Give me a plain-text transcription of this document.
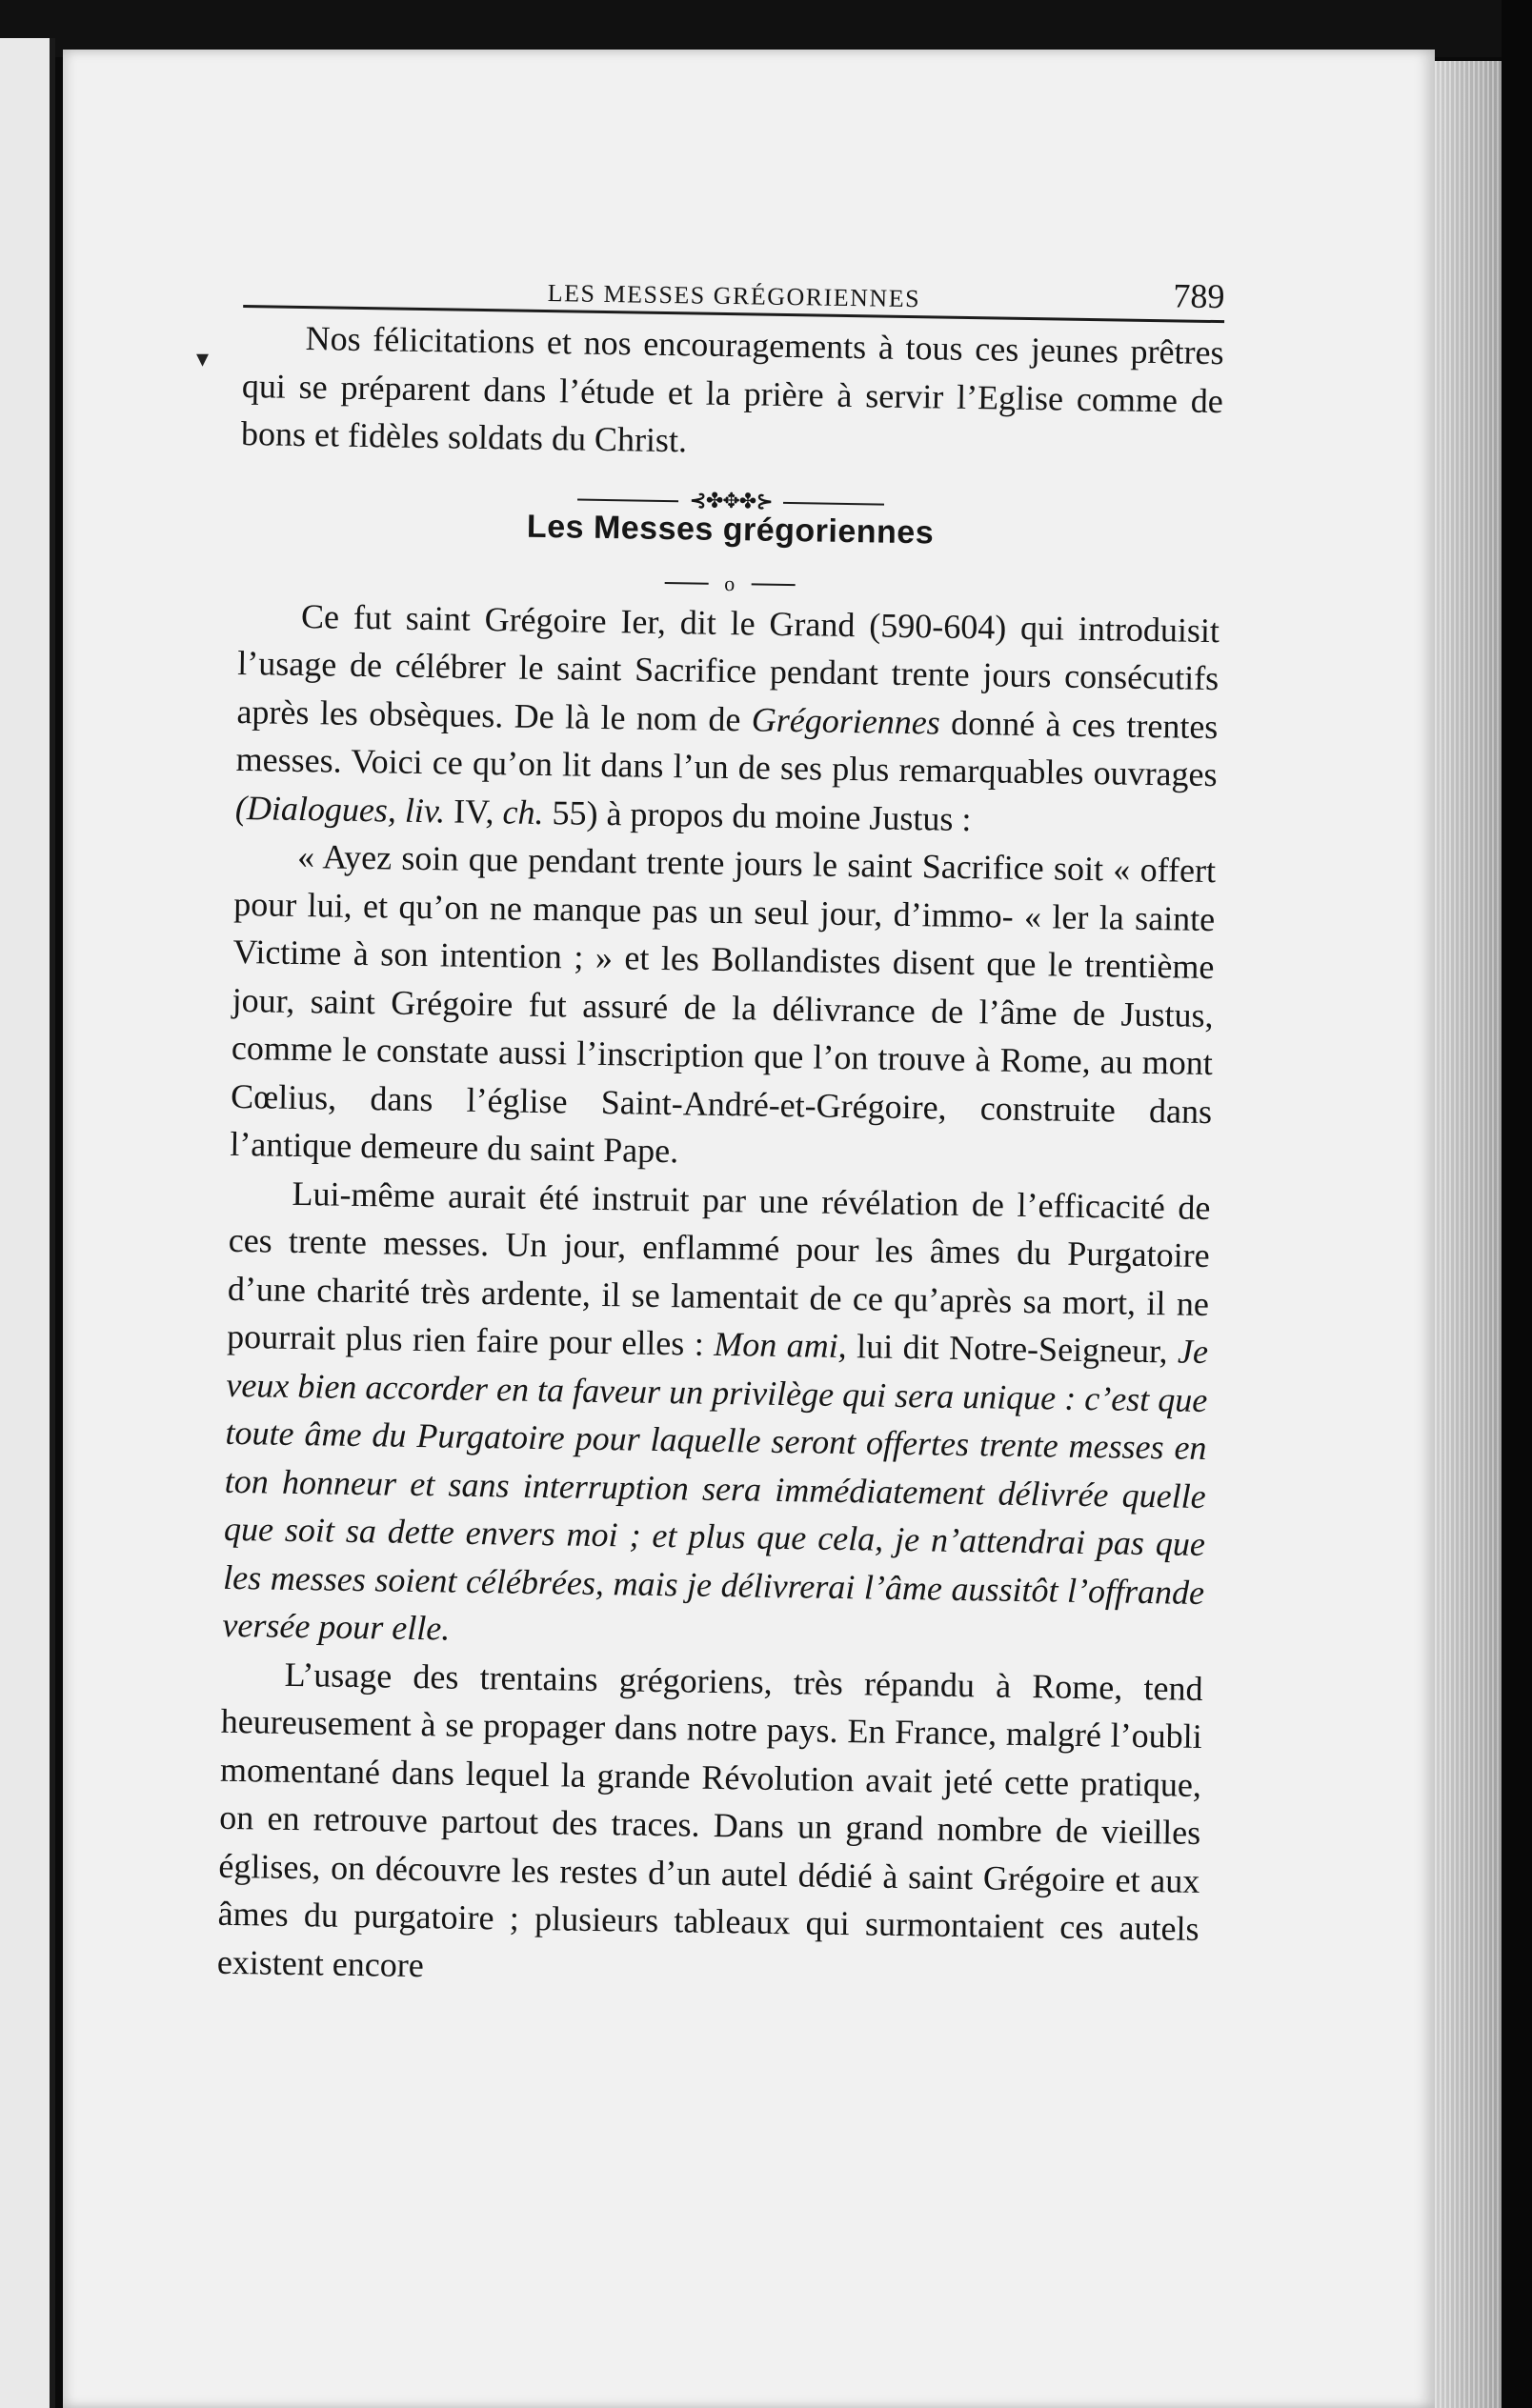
▾
LES MESSES GRÉGORIENNES	789

Nos félicitations et nos encouragements à tous ces jeunes prêtres qui se préparent dans l’étude et la prière à servir l’Eglise comme de bons et fidèles soldats du Christ.

⊰✤✥✤⊱
Les Messes grégoriennes
o

Ce fut saint Grégoire Ier, dit le Grand (590-604) qui introduisit l’usage de célébrer le saint Sacrifice pendant trente jours consécutifs après les obsèques. De là le nom de Grégoriennes donné à ces trentes messes. Voici ce qu’on lit dans l’un de ses plus remarquables ouvrages (Dialogues, liv. IV, ch. 55) à propos du moine Justus :

« Ayez soin que pendant trente jours le saint Sacrifice soit « offert pour lui, et qu’on ne manque pas un seul jour, d’immo- « ler la sainte Victime à son intention ; » et les Bollandistes disent que le trentième jour, saint Grégoire fut assuré de la délivrance de l’âme de Justus, comme le constate aussi l’inscription que l’on trouve à Rome, au mont Cœlius, dans l’église Saint-André-et-Grégoire, construite dans l’antique demeure du saint Pape.

Lui-même aurait été instruit par une révélation de l’efficacité de ces trente messes. Un jour, enflammé pour les âmes du Purgatoire d’une charité très ardente, il se lamentait de ce qu’après sa mort, il ne pourrait plus rien faire pour elles : Mon ami, lui dit Notre-Seigneur, Je veux bien accorder en ta faveur un privilège qui sera unique : c’est que toute âme du Purgatoire pour laquelle seront offertes trente messes en ton honneur et sans interruption sera immédiatement délivrée quelle que soit sa dette envers moi ; et plus que cela, je n’attendrai pas que les messes soient célébrées, mais je délivrerai l’âme aussitôt l’offrande versée pour elle.

L’usage des trentains grégoriens, très répandu à Rome, tend heureusement à se propager dans notre pays. En France, malgré l’oubli momentané dans lequel la grande Révolution avait jeté cette pratique, on en retrouve partout des traces. Dans un grand nombre de vieilles églises, on découvre les restes d’un autel dédié à saint Grégoire et aux âmes du purgatoire ; plusieurs tableaux qui surmontaient ces autels existent encore
